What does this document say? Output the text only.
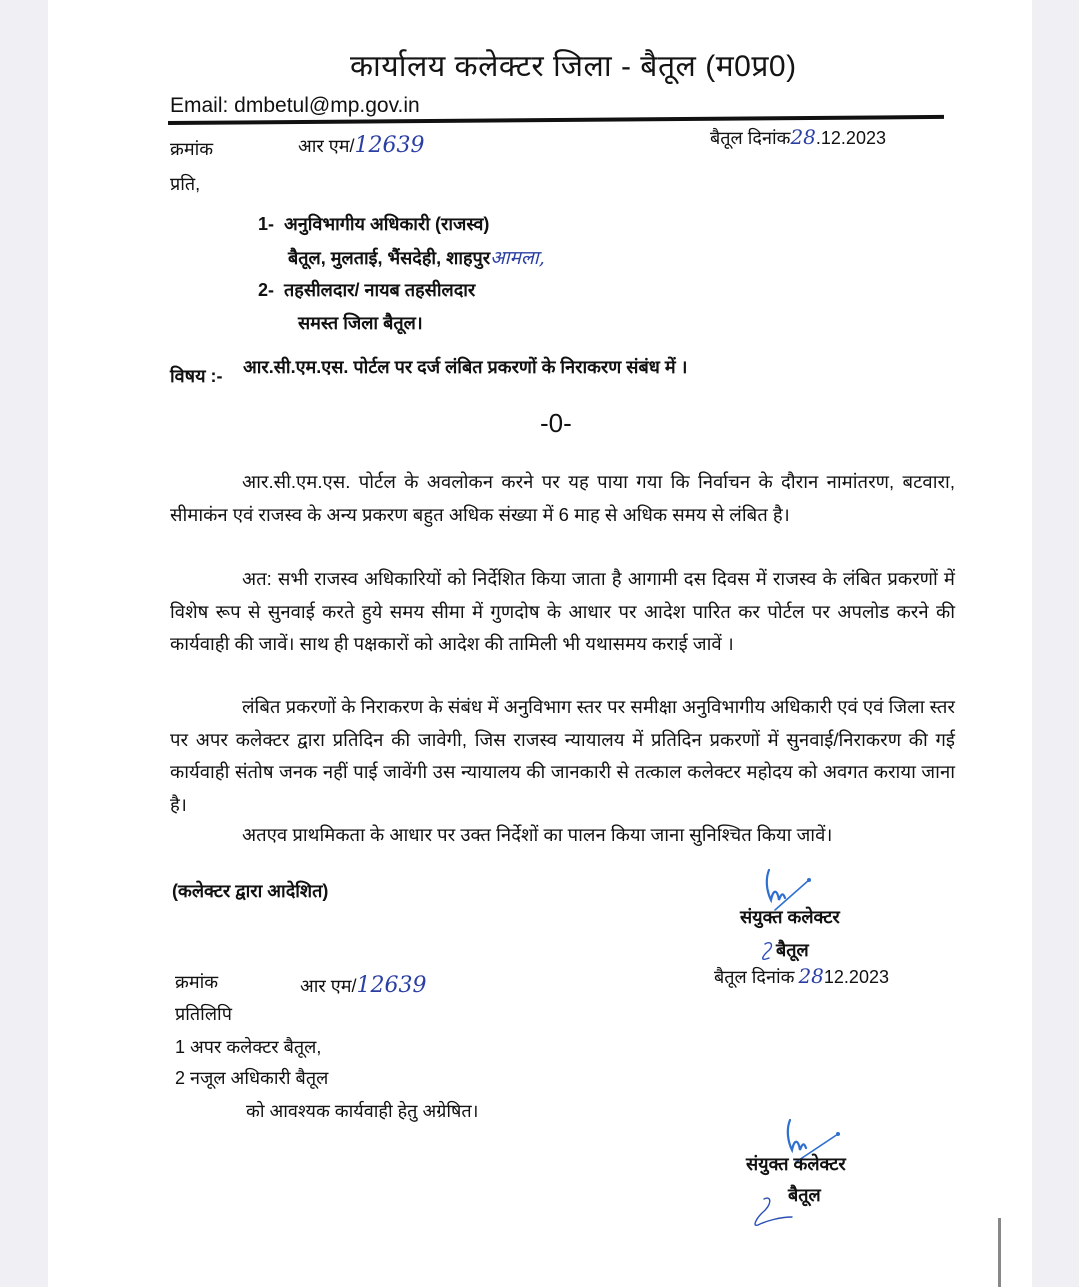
कार्यालय कलेक्टर जिला - बैतूल (म0प्र0)
Email: dmbetul@mp.gov.in
क्रमांक	आर एम/12639	बैतूल दिनांक28.12.2023
प्रति,
1- अनुविभागीय अधिकारी (राजस्व)
बैतूल, मुलताई, भैंसदेही, शाहपुरआमला,
2- तहसीलदार/ नायब तहसीलदार
समस्त जिला बैतूल।
विषय :- आर.सी.एम.एस. पोर्टल पर दर्ज लंबित प्रकरणों के निराकरण संबंध में ।
-0-
आर.सी.एम.एस. पोर्टल के अवलोकन करने पर यह पाया गया कि निर्वाचन के दौरान नामांतरण, बटवारा, सीमाकंन एवं राजस्व के अन्य प्रकरण बहुत अधिक संख्या में 6 माह से अधिक समय से लंबित है।
अत: सभी राजस्व अधिकारियों को निर्देशित किया जाता है आगामी दस दिवस में राजस्व के लंबित प्रकरणों में विशेष रूप से सुनवाई करते हुये समय सीमा में गुणदोष के आधार पर आदेश पारित कर पोर्टल पर अपलोड करने की कार्यवाही की जावें। साथ ही पक्षकारों को आदेश की तामिली भी यथासमय कराई जावें ।
लंबित प्रकरणों के निराकरण के संबंध में अनुविभाग स्तर पर समीक्षा अनुविभागीय अधिकारी एवं एवं जिला स्तर पर अपर कलेक्टर द्वारा प्रतिदिन की जावेगी, जिस राजस्व न्यायालय में प्रतिदिन प्रकरणों में सुनवाई/निराकरण की गई कार्यवाही संतोष जनक नहीं पाई जावेंगी उस न्यायालय की जानकारी से तत्काल कलेक्टर महोदय को अवगत कराया जाना है।
अतएव प्राथमिकता के आधार पर उक्त निर्देशों का पालन किया जाना सुनिश्चित किया जावें।
(कलेक्टर द्वारा आदेशित)
संयुक्त कलेक्टर
बैतूल
क्रमांक	आर एम/12639	बैतूल दिनांक 2812.2023
प्रतिलिपि
1 अपर कलेक्टर बैतूल,
2 नजूल अधिकारी बैतूल
को आवश्यक कार्यवाही हेतु अग्रेषित।
संयुक्त कलेक्टर
बैतूल
